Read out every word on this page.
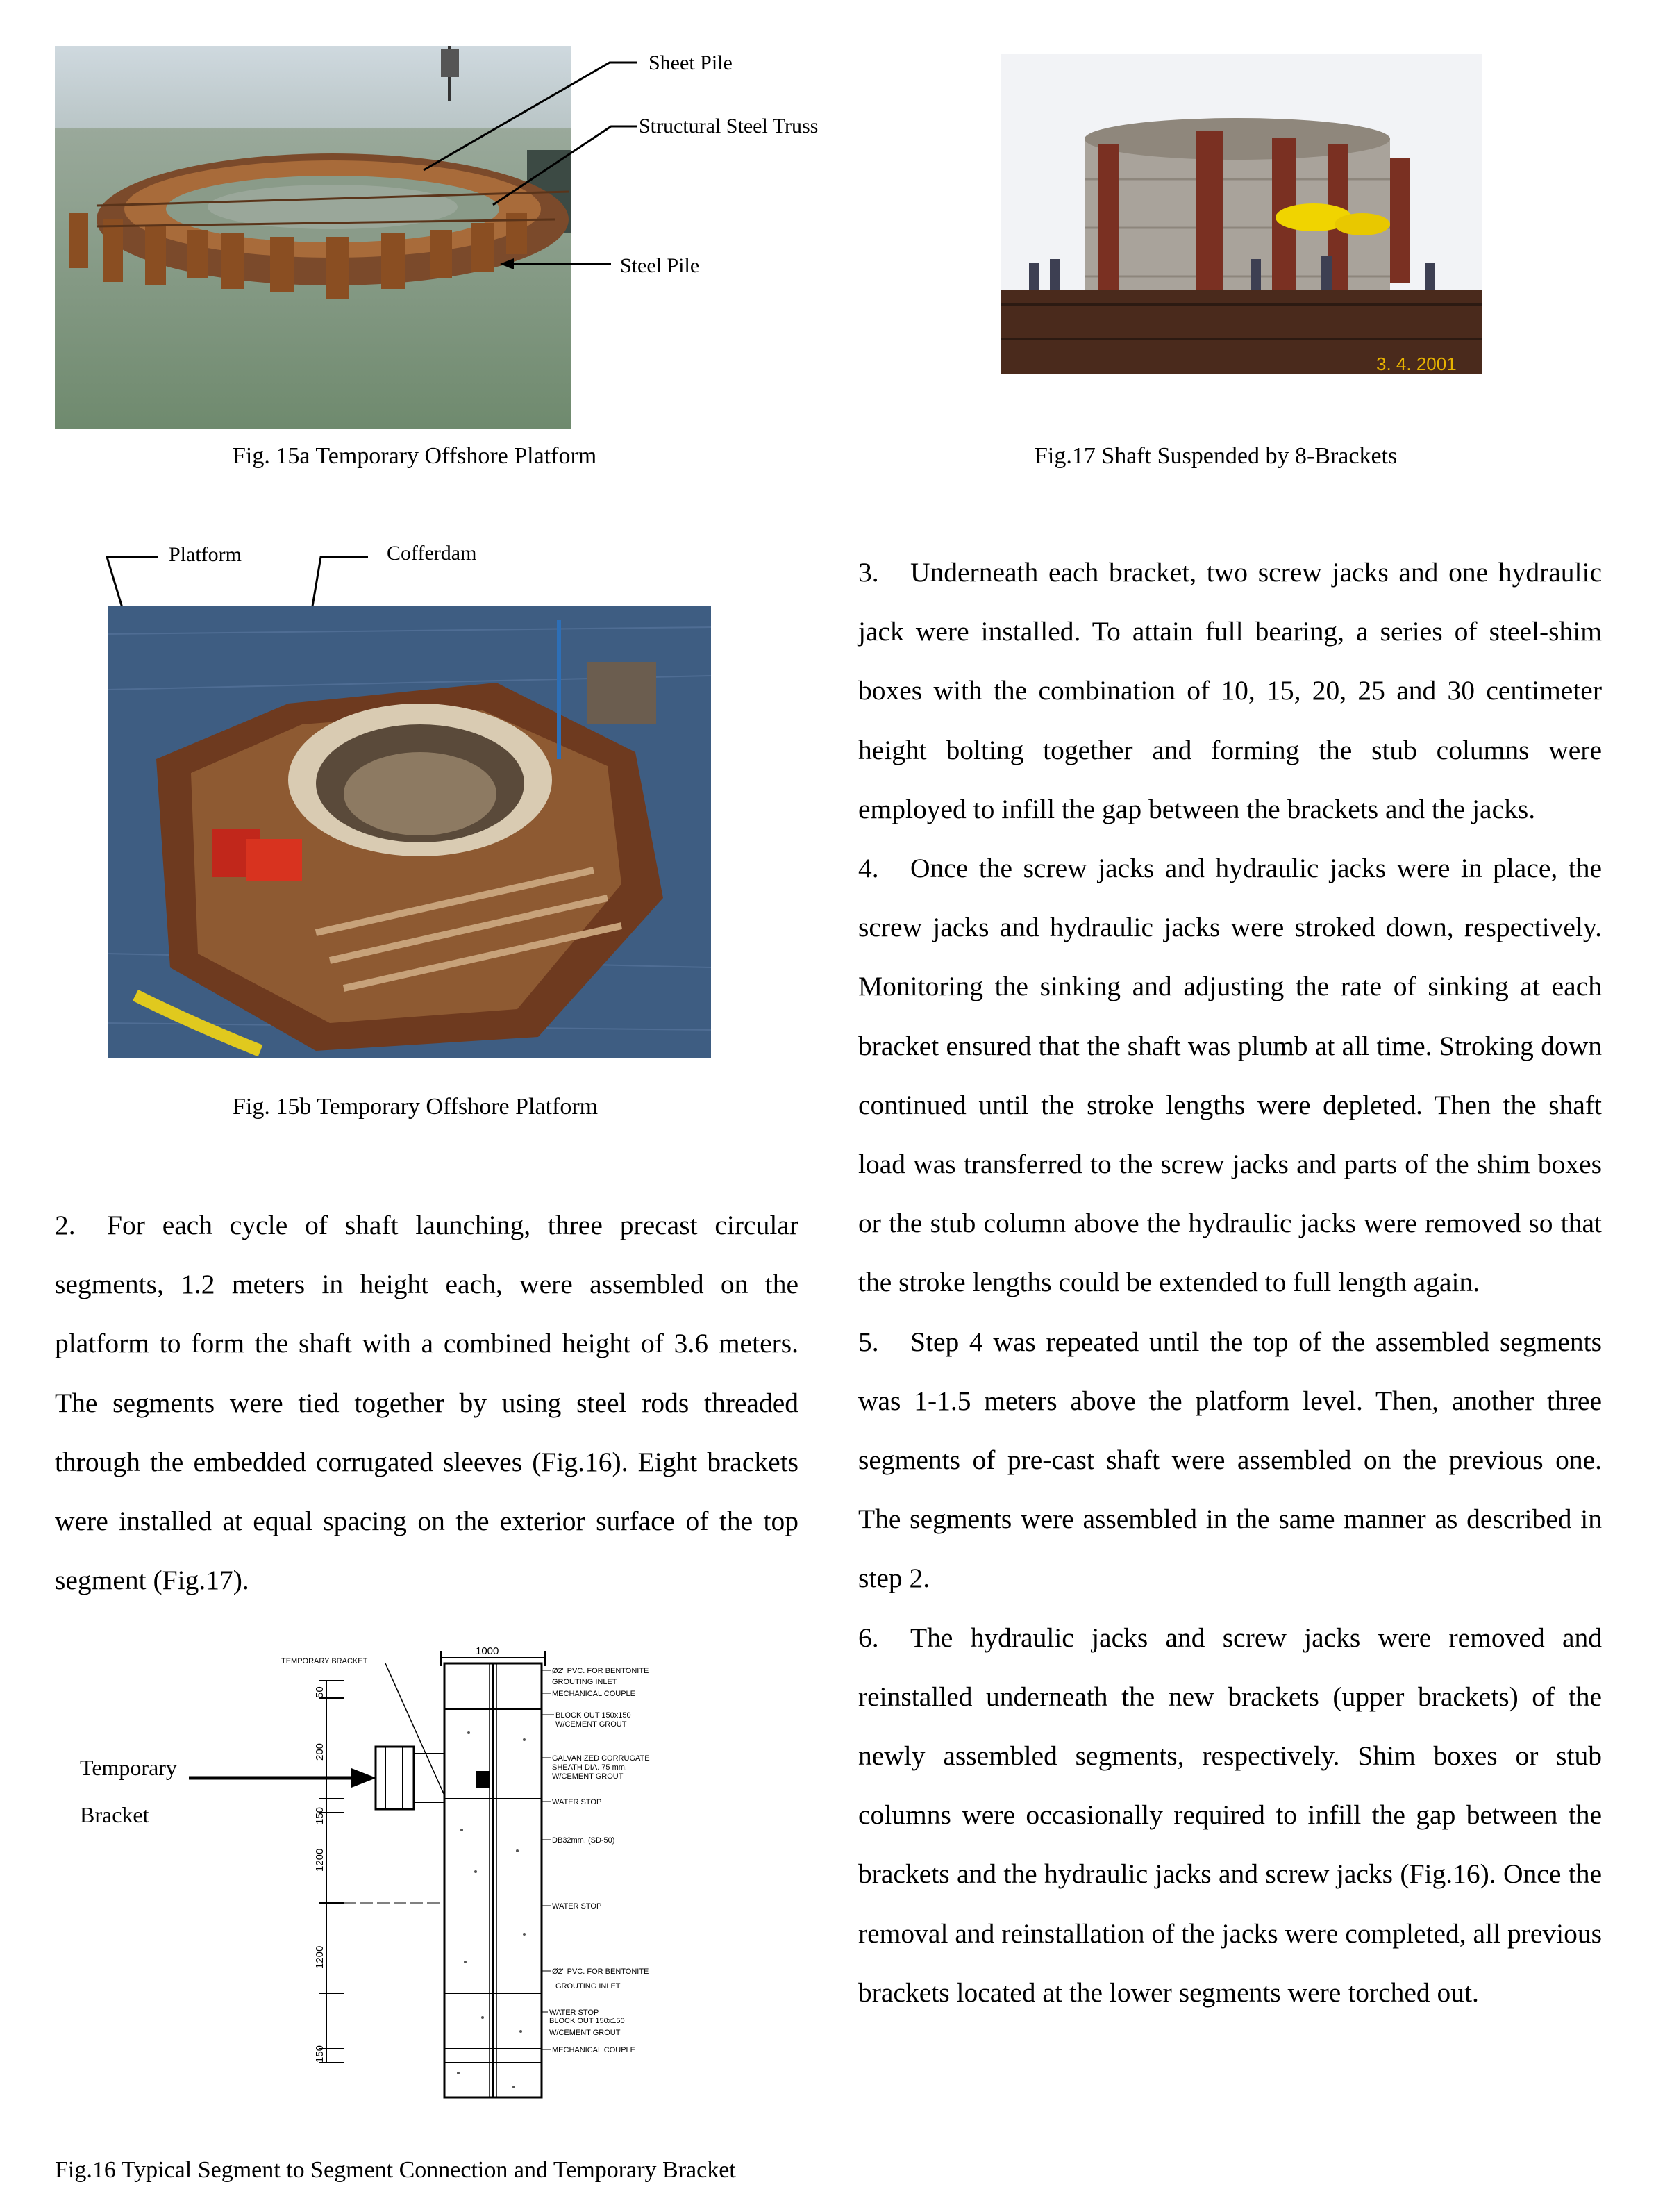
Sheet Pile
Structural Steel Truss
Steel Pile
Fig. 15a Temporary Offshore Platform
3. 4. 2001
Fig.17 Shaft Suspended by 8-Brackets
Platform	Cofferdam
Fig. 15b Temporary Offshore Platform

2. For each cycle of shaft launching, three precast circular segments, 1.2 meters in height each, were assembled on the platform to form the shaft with a combined height of 3.6 meters. The segments were tied together by using steel rods threaded through the embedded corrugated sleeves (Fig.16). Eight brackets were installed at equal spacing on the exterior surface of the top segment (Fig.17).

Temporary
Bracket
1000
TEMPORARY BRACKET
50
200
150
1200
1200
150
Ø2" PVC. FOR BENTONITE
GROUTING INLET
MECHANICAL COUPLE
BLOCK OUT 150x150
W/CEMENT GROUT
GALVANIZED CORRUGATE
SHEATH DIA. 75 mm.
W/CEMENT GROUT
WATER STOP
DB32mm. (SD-50)
WATER STOP
Ø2" PVC. FOR BENTONITE
GROUTING INLET
WATER STOP
BLOCK OUT 150x150
W/CEMENT GROUT
MECHANICAL COUPLE
Fig.16 Typical Segment to Segment Connection and Temporary Bracket

3. Underneath each bracket, two screw jacks and one hydraulic jack were installed. To attain full bearing, a series of steel-shim boxes with the combination of 10, 15, 20, 25 and 30 centimeter height bolting together and forming the stub columns were employed to infill the gap between the brackets and the jacks.

4. Once the screw jacks and hydraulic jacks were in place, the screw jacks and hydraulic jacks were stroked down, respectively. Monitoring the sinking and adjusting the rate of sinking at each bracket ensured that the shaft was plumb at all time. Stroking down continued until the stroke lengths were depleted. Then the shaft load was transferred to the screw jacks and parts of the shim boxes or the stub column above the hydraulic jacks were removed so that the stroke lengths could be extended to full length again.

5. Step 4 was repeated until the top of the assembled segments was 1-1.5 meters above the platform level. Then, another three segments of pre-cast shaft were assembled on the previous one. The segments were assembled in the same manner as described in step 2.

6. The hydraulic jacks and screw jacks were removed and reinstalled underneath the new brackets (upper brackets) of the newly assembled segments, respectively. Shim boxes or stub columns were occasionally required to infill the gap between the brackets and the hydraulic jacks and screw jacks (Fig.16). Once the removal and reinstallation of the jacks were completed, all previous brackets located at the lower segments were torched out.
